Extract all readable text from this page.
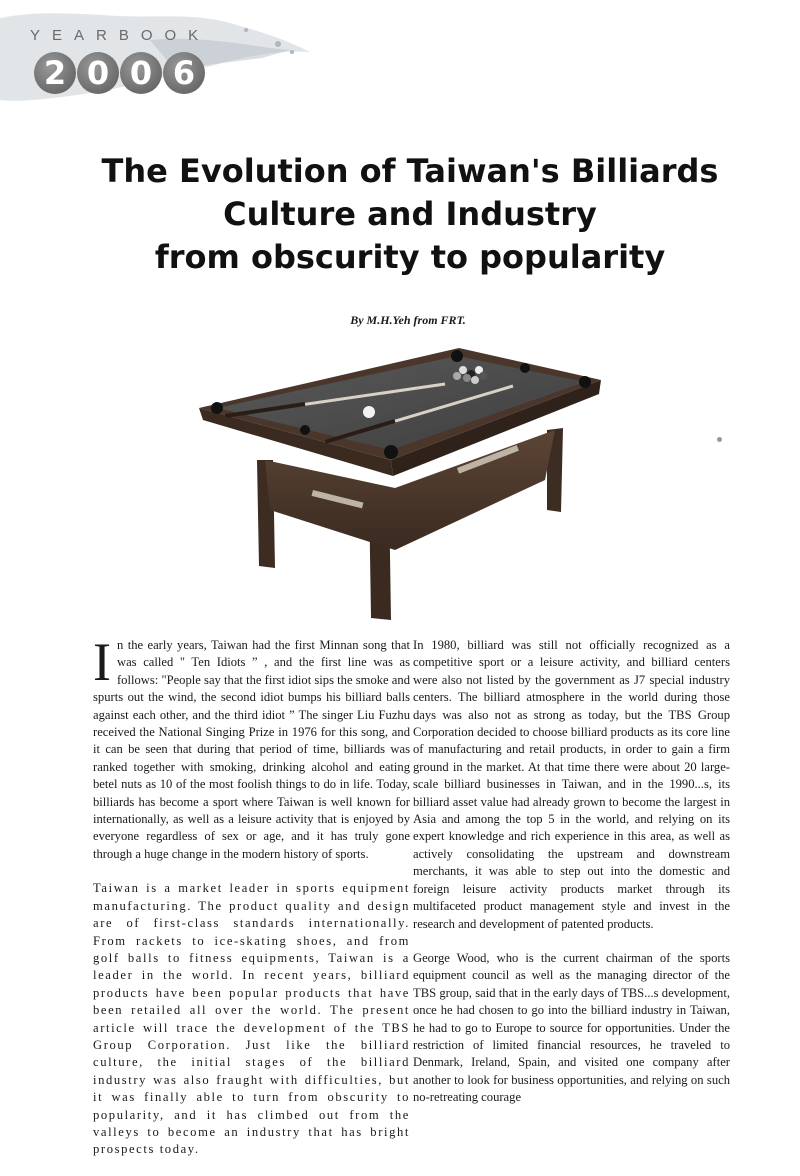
YEARBOOK
2 0 0 6
The Evolution of Taiwan's Billiards
Culture and Industry
from obscurity to popularity
By M.H.Yeh from FRT.

In the early years, Taiwan had the first Minnan song that was called " Ten Idiots ” , and the first line was as follows: "People say that the first idiot sips the smoke and spurts out the wind, the second idiot bumps his billiard balls against each other, and the third idiot ” The singer Liu Fuzhu received the National Singing Prize in 1976 for this song, and it can be seen that during that period of time, billiards was ranked together with smoking, drinking alcohol and eating betel nuts as 10 of the most foolish things to do in life. Today, billiards has become a sport where Taiwan is well known for internationally, as well as a leisure activity that is enjoyed by everyone regardless of sex or age, and it has truly gone through a huge change in the modern history of sports.

Taiwan is a market leader in sports equipment manufacturing. The product quality and design are of first-class standards internationally. From rackets to ice-skating shoes, and from golf balls to fitness equipments, Taiwan is a leader in the world. In recent years, billiard products have been popular products that have been retailed all over the world. The present article will trace the development of the TBS Group Corporation. Just like the billiard culture, the initial stages of the billiard industry was also fraught with difficulties, but it was finally able to turn from obscurity to popularity, and it has climbed out from the valleys to become an industry that has bright prospects today.

In 1980, billiard was still not officially recognized as a competitive sport or a leisure activity, and billiard centers were also not listed by the government as J7 special industry centers. The billiard atmosphere in the world during those days was also not as strong as today, but the TBS Group Corporation decided to choose billiard products as its core line of manufacturing and retail products, in order to gain a firm ground in the market. At that time there were about 20 large-scale billiard businesses in Taiwan, and in the 1990...s, its billiard asset value had already grown to become the largest in Asia and among the top 5 in the world, and relying on its expert knowledge and rich experience in this area, as well as actively consolidating the upstream and downstream merchants, it was able to step out into the domestic and foreign leisure activity products market through its multifaceted product management style and invest in the research and development of patented products.

George Wood, who is the current chairman of the sports equipment council as well as the managing director of the TBS group, said that in the early days of TBS...s development, once he had chosen to go into the billiard industry in Taiwan, he had to go to Europe to source for opportunities. Under the restriction of limited financial resources, he traveled to Denmark, Ireland, Spain, and visited one company after another to look for business opportunities, and relying on such no-retreating courage
